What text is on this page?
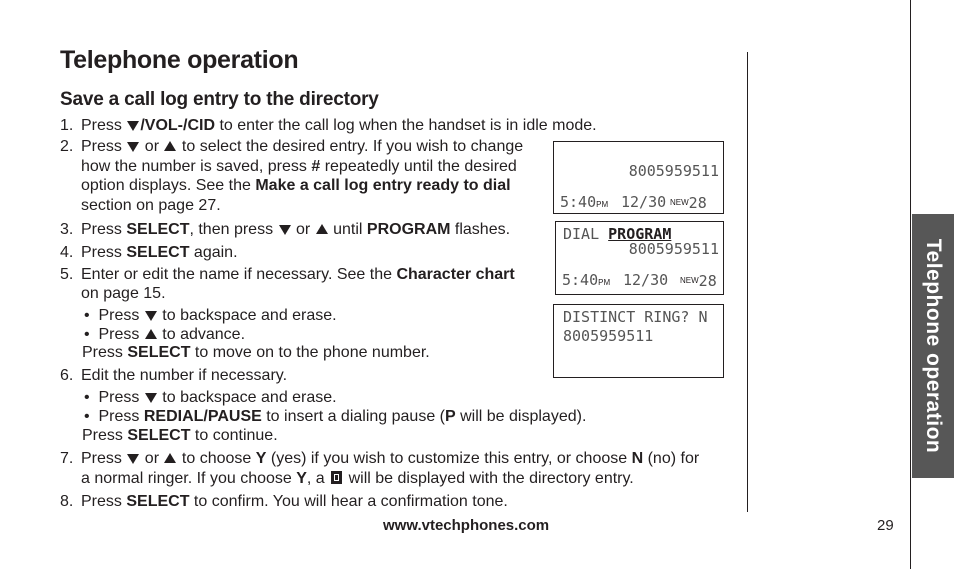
Telephone operation
Telephone operation
Save a call log entry to the directory
1. Press /VOL-/CID to enter the call log when the handset is in idle mode.
2. Press  or  to select the desired entry. If you wish to change
how the number is saved, press # repeatedly until the desired
option displays. See the Make a call log entry ready to dial
section on page 27.
3. Press SELECT, then press  or  until PROGRAM flashes.
4. Press SELECT again.
5. Enter or edit the name if necessary. See the Character chart
on page 15.
• Press  to backspace and erase.
• Press  to advance.
Press SELECT to move on to the phone number.
6. Edit the number if necessary.
• Press  to backspace and erase.
• Press REDIAL/PAUSE to insert a dialing pause (P will be displayed).
Press SELECT to continue.
7. Press  or  to choose Y (yes) if you wish to customize this entry, or choose N (no) for
a normal ringer. If you choose Y, a  will be displayed with the directory entry.
8. Press SELECT to confirm. You will hear a confirmation tone.
8005959511
5:40PM 12/30 $^{NEW}$28
DIAL PROGRAM
8005959511
5:40PM 12/30 $^{NEW}$28
DISTINCT RING? N
8005959511
www.vtechphones.com	29
